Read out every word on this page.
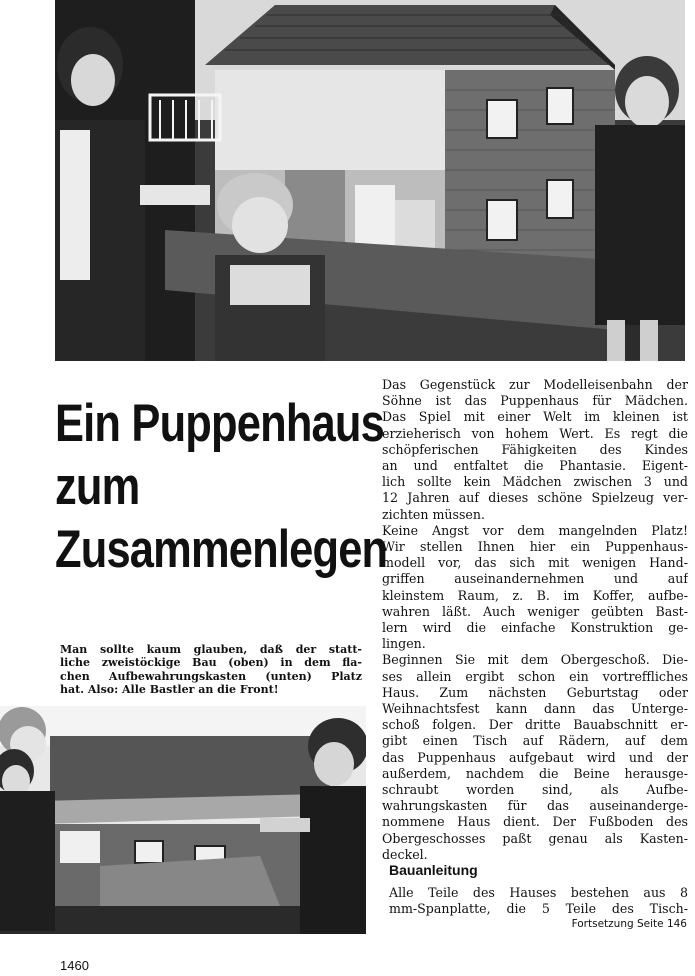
Ein Puppenhaus
zum
Zusammenlegen
Man sollte kaum glauben, daß der statt-
liche zweistöckige Bau (oben) in dem fla-
chen Aufbewahrungskasten (unten) Platz
hat. Also: Alle Bastler an die Front!
Das Gegenstück zur Modelleisenbahn der
Söhne ist das Puppenhaus für Mädchen.
Das Spiel mit einer Welt im kleinen ist
erzieherisch von hohem Wert. Es regt die
schöpferischen Fähigkeiten des Kindes
an und entfaltet die Phantasie. Eigent-
lich sollte kein Mädchen zwischen 3 und
12 Jahren auf dieses schöne Spielzeug ver-
zichten müssen.
Keine Angst vor dem mangelnden Platz!
Wir stellen Ihnen hier ein Puppenhaus-
modell vor, das sich mit wenigen Hand-
griffen auseinandernehmen und auf
kleinstem Raum, z. B. im Koffer, aufbe-
wahren läßt. Auch weniger geübten Bast-
lern wird die einfache Konstruktion ge-
lingen.
Beginnen Sie mit dem Obergeschoß. Die-
ses allein ergibt schon ein vortreffliches
Haus. Zum nächsten Geburtstag oder
Weihnachtsfest kann dann das Unterge-
schoß folgen. Der dritte Bauabschnitt er-
gibt einen Tisch auf Rädern, auf dem
das Puppenhaus aufgebaut wird und der
außerdem, nachdem die Beine herausge-
schraubt worden sind, als Aufbe-
wahrungskasten für das auseinanderge-
nommene Haus dient. Der Fußboden des
Obergeschosses paßt genau als Kasten-
deckel.
Bauanleitung
Alle Teile des Hauses bestehen aus 8
mm-Spanplatte, die 5 Teile des Tisch-
Fortsetzung Seite 146
1460
